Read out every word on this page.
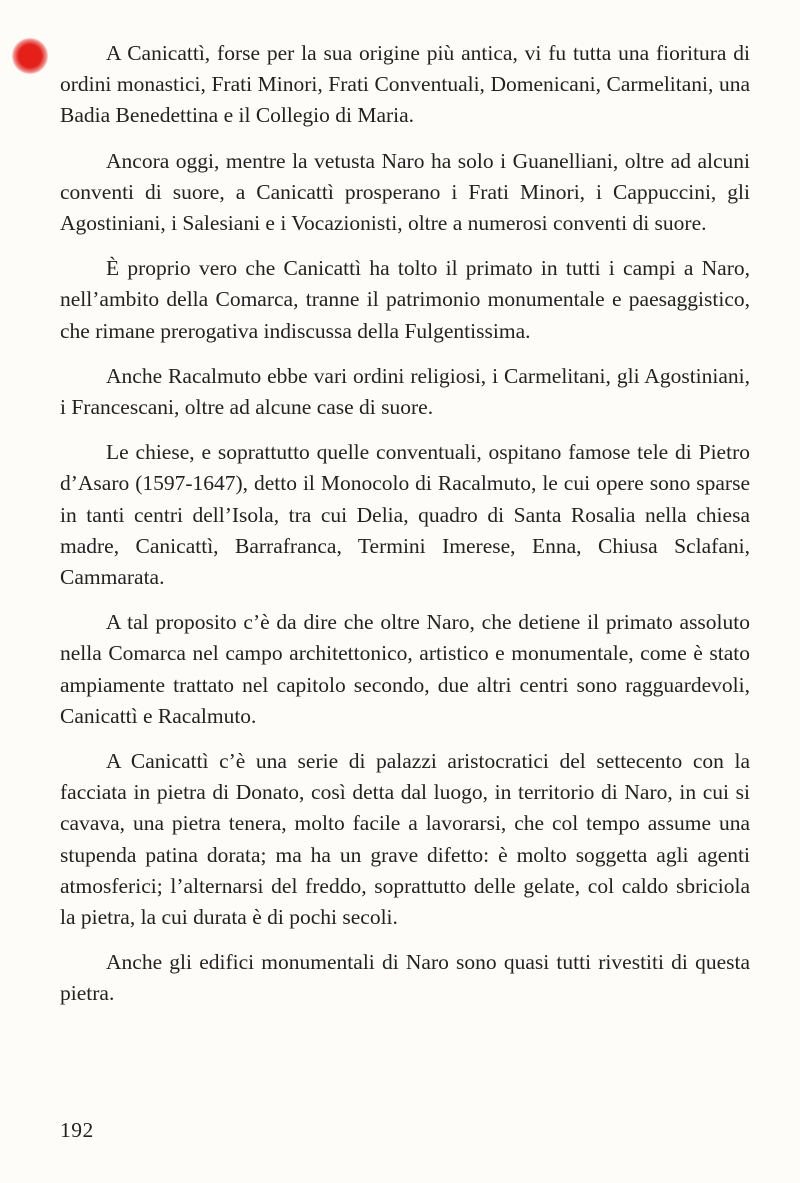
A Canicattì, forse per la sua origine più antica, vi fu tutta una fioritura di ordini monastici, Frati Minori, Frati Conventuali, Domenicani, Carmelitani, una Badia Benedettina e il Collegio di Maria.

Ancora oggi, mentre la vetusta Naro ha solo i Guanelliani, oltre ad alcuni conventi di suore, a Canicattì prosperano i Frati Minori, i Cappuccini, gli Agostiniani, i Salesiani e i Vocazionisti, oltre a numerosi conventi di suore.

È proprio vero che Canicattì ha tolto il primato in tutti i campi a Naro, nell’ambito della Comarca, tranne il patrimonio monumentale e paesaggistico, che rimane prerogativa indiscussa della Fulgentissima.

Anche Racalmuto ebbe vari ordini religiosi, i Carmelitani, gli Agostiniani, i Francescani, oltre ad alcune case di suore.

Le chiese, e soprattutto quelle conventuali, ospitano famose tele di Pietro d’Asaro (1597-1647), detto il Monocolo di Racalmuto, le cui opere sono sparse in tanti centri dell’Isola, tra cui Delia, quadro di Santa Rosalia nella chiesa madre, Canicattì, Barrafranca, Termini Imerese, Enna, Chiusa Sclafani, Cammarata.

A tal proposito c’è da dire che oltre Naro, che detiene il primato assoluto nella Comarca nel campo architettonico, artistico e monumentale, come è stato ampiamente trattato nel capitolo secondo, due altri centri sono ragguardevoli, Canicattì e Racalmuto.

A Canicattì c’è una serie di palazzi aristocratici del settecento con la facciata in pietra di Donato, così detta dal luogo, in territorio di Naro, in cui si cavava, una pietra tenera, molto facile a lavorarsi, che col tempo assume una stupenda patina dorata; ma ha un grave difetto: è molto soggetta agli agenti atmosferici; l’alternarsi del freddo, soprattutto delle gelate, col caldo sbriciola la pietra, la cui durata è di pochi secoli.

Anche gli edifici monumentali di Naro sono quasi tutti rivestiti di questa pietra.

192
